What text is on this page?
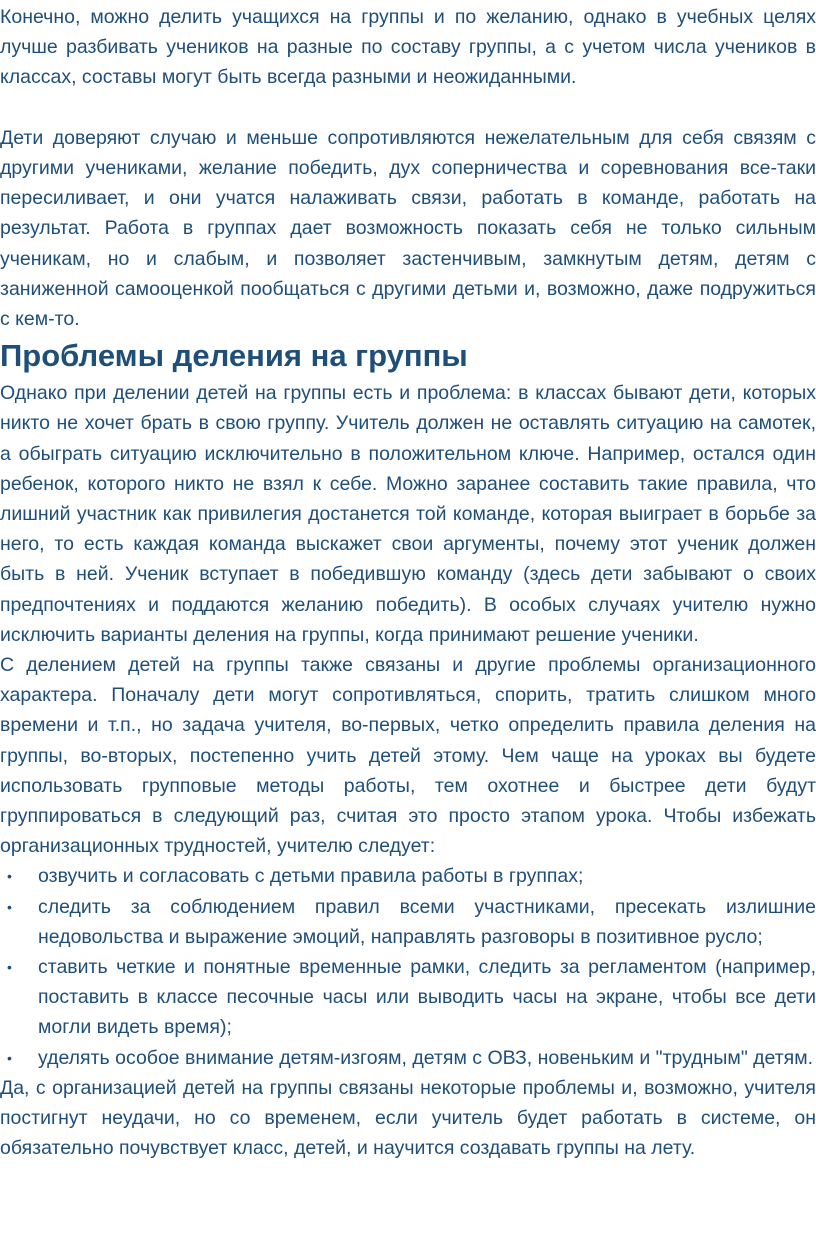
Конечно, можно делить учащихся на группы и по желанию, однако в учебных целях лучше разбивать учеников на разные по составу группы, а с учетом числа учеников в классах, составы могут быть всегда разными и неожиданными.

Дети доверяют случаю и меньше сопротивляются нежелательным для себя связям с другими учениками, желание победить, дух соперничества и соревнования все-таки пересиливает, и они учатся налаживать связи, работать в команде, работать на результат. Работа в группах дает возможность показать себя не только сильным ученикам, но и слабым, и позволяет застенчивым, замкнутым детям, детям с заниженной самооценкой пообщаться с другими детьми и, возможно, даже подружиться с кем-то.

Проблемы деления на группы

Однако при делении детей на группы есть и проблема: в классах бывают дети, которых никто не хочет брать в свою группу. Учитель должен не оставлять ситуацию на самотек, а обыграть ситуацию исключительно в положительном ключе. Например, остался один ребенок, которого никто не взял к себе. Можно заранее составить такие правила, что лишний участник как привилегия достанется той команде, которая выиграет в борьбе за него, то есть каждая команда выскажет свои аргументы, почему этот ученик должен быть в ней. Ученик вступает в победившую команду (здесь дети забывают о своих предпочтениях и поддаются желанию победить). В особых случаях учителю нужно исключить варианты деления на группы, когда принимают решение ученики.

С делением детей на группы также связаны и другие проблемы организационного характера. Поначалу дети могут сопротивляться, спорить, тратить слишком много времени и т.п., но задача учителя, во-первых, четко определить правила деления на группы, во-вторых, постепенно учить детей этому. Чем чаще на уроках вы будете использовать групповые методы работы, тем охотнее и быстрее дети будут группироваться в следующий раз, считая это просто этапом урока. Чтобы избежать организационных трудностей, учителю следует:

• озвучить и согласовать с детьми правила работы в группах;
• следить за соблюдением правил всеми участниками, пресекать излишние недовольства и выражение эмоций, направлять разговоры в позитивное русло;
• ставить четкие и понятные временные рамки, следить за регламентом (например, поставить в классе песочные часы или выводить часы на экране, чтобы все дети могли видеть время);
• уделять особое внимание детям-изгоям, детям с ОВЗ, новеньким и "трудным" детям.

Да, с организацией детей на группы связаны некоторые проблемы и, возможно, учителя постигнут неудачи, но со временем, если учитель будет работать в системе, он обязательно почувствует класс, детей, и научится создавать группы на лету.
